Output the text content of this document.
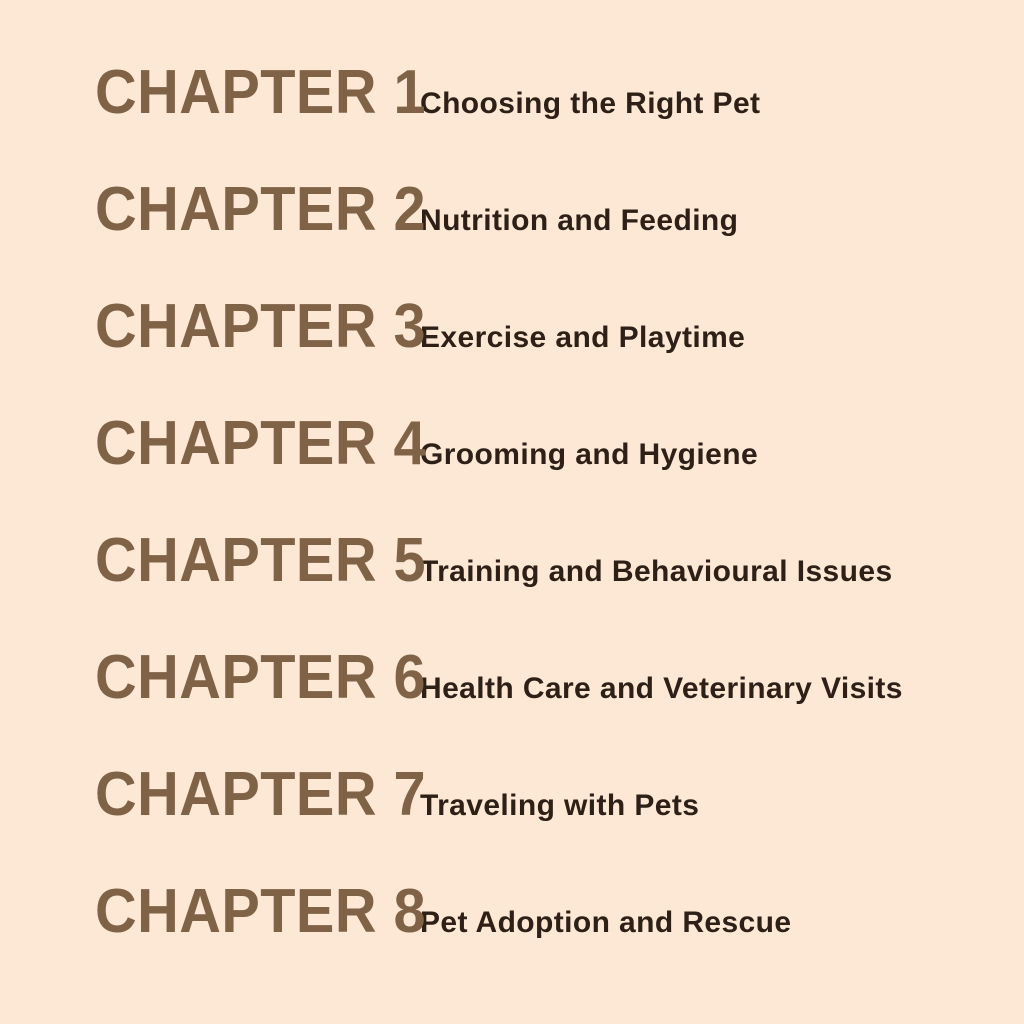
CHAPTER 1
Choosing the Right Pet
CHAPTER 2
Nutrition and Feeding
CHAPTER 3
Exercise and Playtime
CHAPTER 4
Grooming and Hygiene
CHAPTER 5
Training and Behavioural Issues
CHAPTER 6
Health Care and Veterinary Visits
CHAPTER 7
Traveling with Pets
CHAPTER 8
Pet Adoption and Rescue
